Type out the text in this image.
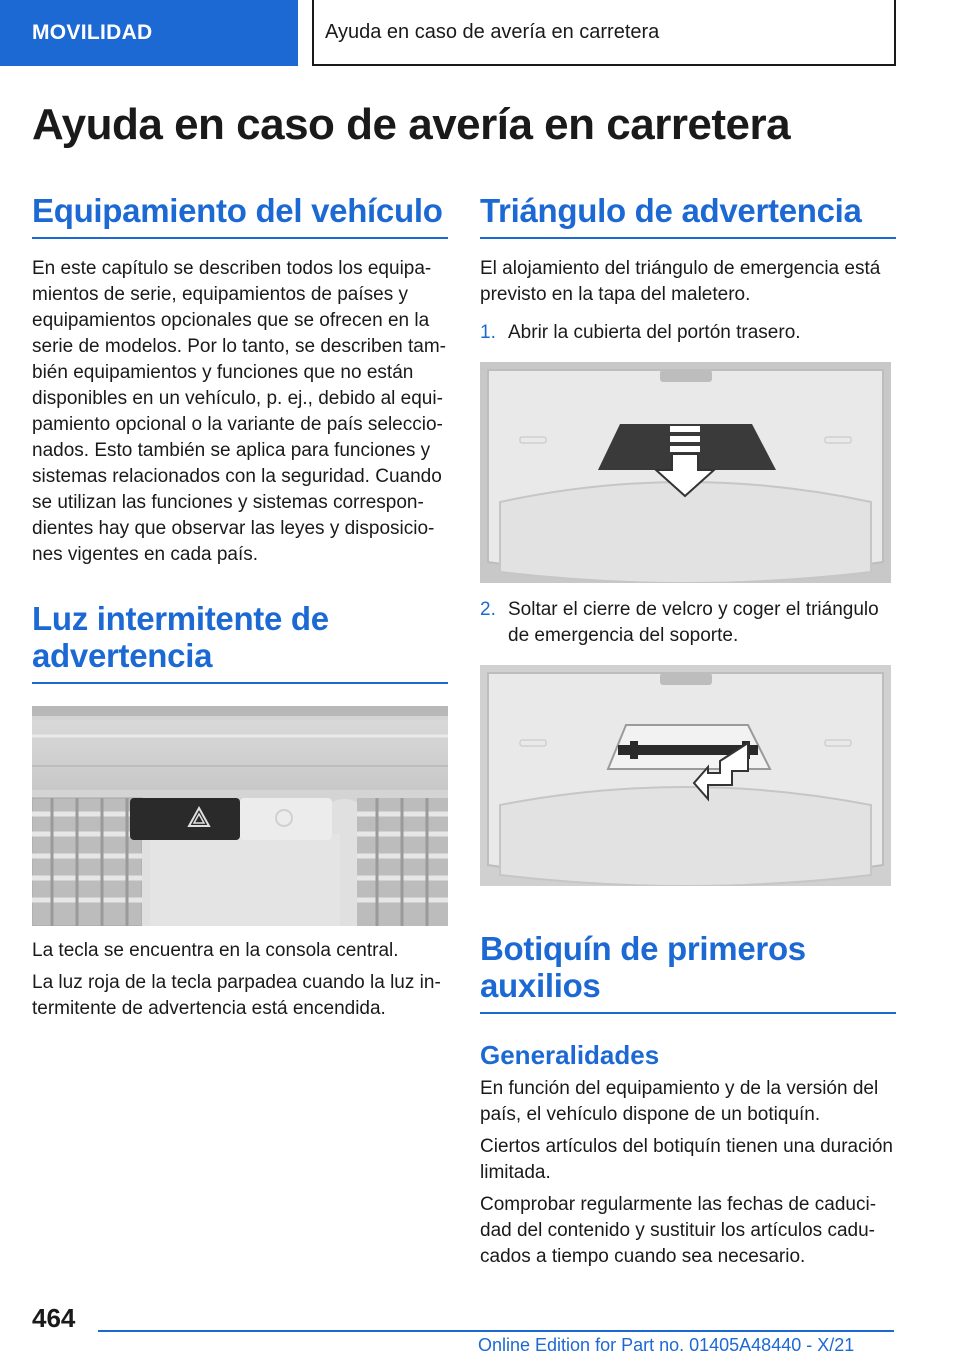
MOVILIDAD	Ayuda en caso de avería en carretera
Ayuda en caso de avería en carretera
Equipamiento del vehículo
En este capítulo se describen todos los equipa-
mientos de serie, equipamientos de países y
equipamientos opcionales que se ofrecen en la
serie de modelos. Por lo tanto, se describen tam-
bién equipamientos y funciones que no están
disponibles en un vehículo, p. ej., debido al equi-
pamiento opcional o la variante de país seleccio-
nados. Esto también se aplica para funciones y
sistemas relacionados con la seguridad. Cuando
se utilizan las funciones y sistemas correspon-
dientes hay que observar las leyes y disposicio-
nes vigentes en cada país.
Luz intermitente de
advertencia

La tecla se encuentra en la consola central.

La luz roja de la tecla parpadea cuando la luz in-
termitente de advertencia está encendida.
Triángulo de advertencia
El alojamiento del triángulo de emergencia está
previsto en la tapa del maletero.
1. Abrir la cubierta del portón trasero.
2. Soltar el cierre de velcro y coger el triángulo
de emergencia del soporte.
Botiquín de primeros
auxilios
Generalidades
En función del equipamiento y de la versión del
país, el vehículo dispone de un botiquín.
Ciertos artículos del botiquín tienen una duración
limitada.
Comprobar regularmente las fechas de caduci-
dad del contenido y sustituir los artículos cadu-
cados a tiempo cuando sea necesario.
464
Online Edition for Part no. 01405A48440 - X/21
